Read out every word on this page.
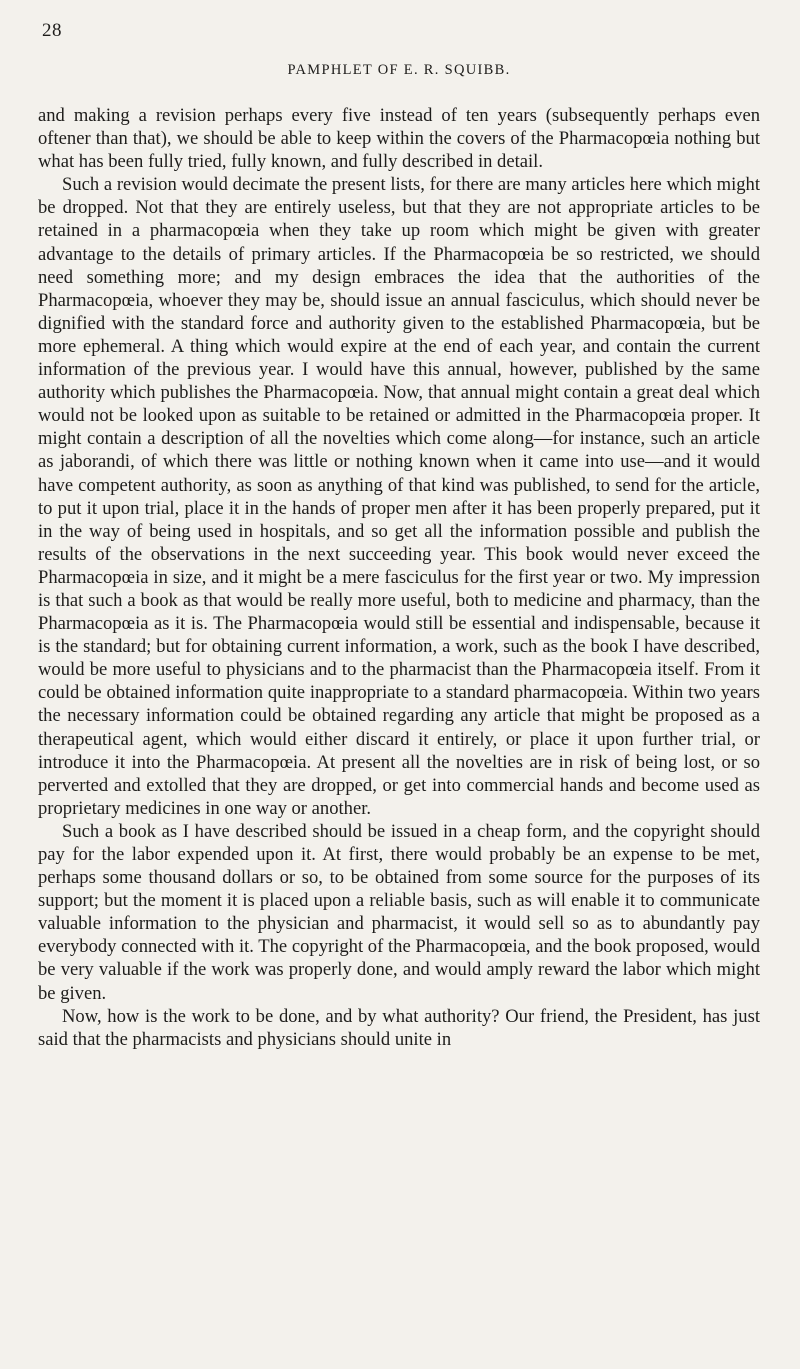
28
PAMPHLET OF E. R. SQUIBB.

and making a revision perhaps every five instead of ten years (subsequently perhaps even oftener than that), we should be able to keep within the covers of the Pharmacopœia nothing but what has been fully tried, fully known, and fully described in detail.

Such a revision would decimate the present lists, for there are many articles here which might be dropped. Not that they are entirely useless, but that they are not appropriate articles to be retained in a pharmacopœia when they take up room which might be given with greater advantage to the details of primary articles. If the Pharmacopœia be so restricted, we should need something more; and my design embraces the idea that the authorities of the Pharmacopœia, whoever they may be, should issue an annual fasciculus, which should never be dignified with the standard force and authority given to the established Pharmacopœia, but be more ephemeral. A thing which would expire at the end of each year, and contain the current information of the previous year. I would have this annual, however, published by the same authority which publishes the Pharmacopœia. Now, that annual might contain a great deal which would not be looked upon as suitable to be retained or admitted in the Pharmacopœia proper. It might contain a description of all the novelties which come along—for instance, such an article as jaborandi, of which there was little or nothing known when it came into use—and it would have competent authority, as soon as anything of that kind was published, to send for the article, to put it upon trial, place it in the hands of proper men after it has been properly prepared, put it in the way of being used in hospitals, and so get all the information possible and publish the results of the observations in the next succeeding year. This book would never exceed the Pharmacopœia in size, and it might be a mere fasciculus for the first year or two. My impression is that such a book as that would be really more useful, both to medicine and pharmacy, than the Pharmacopœia as it is. The Pharmacopœia would still be essential and indispensable, because it is the standard; but for obtaining current information, a work, such as the book I have described, would be more useful to physicians and to the pharmacist than the Pharmacopœia itself. From it could be obtained information quite inappropriate to a standard pharmacopœia. Within two years the necessary information could be obtained regarding any article that might be proposed as a therapeutical agent, which would either discard it entirely, or place it upon further trial, or introduce it into the Pharmacopœia. At present all the novelties are in risk of being lost, or so perverted and extolled that they are dropped, or get into commercial hands and become used as proprietary medicines in one way or another.

Such a book as I have described should be issued in a cheap form, and the copyright should pay for the labor expended upon it. At first, there would probably be an expense to be met, perhaps some thousand dollars or so, to be obtained from some source for the purposes of its support; but the moment it is placed upon a reliable basis, such as will enable it to communicate valuable information to the physician and pharmacist, it would sell so as to abundantly pay everybody connected with it. The copyright of the Pharmacopœia, and the book proposed, would be very valuable if the work was properly done, and would amply reward the labor which might be given.

Now, how is the work to be done, and by what authority? Our friend, the President, has just said that the pharmacists and physicians should unite in
